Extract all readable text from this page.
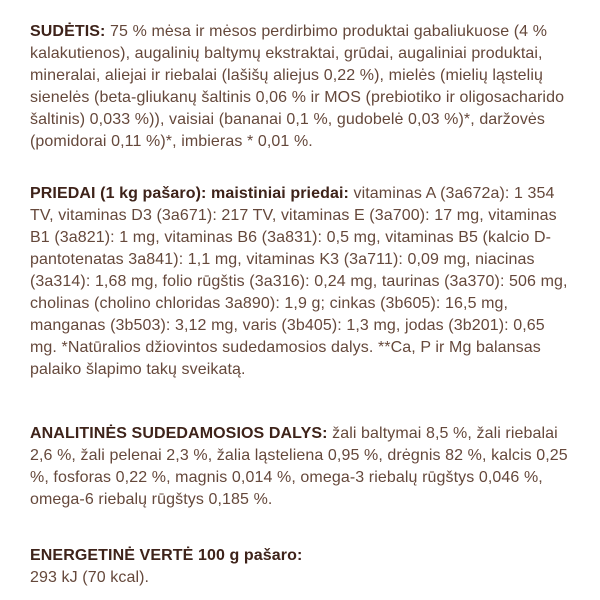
SUDĖTIS: 75 % mėsa ir mėsos perdirbimo produktai gabaliukuose (4 % kalakutienos), augalinių baltymų ekstraktai, grūdai, augaliniai produktai, mineralai, aliejai ir riebalai (lašišų aliejus 0,22 %), mielės (mielių ląstelių sienelės (beta-gliukanų šaltinis 0,06 % ir MOS (prebiotiko ir oligosacharido šaltinis) 0,033 %)), vaisiai (bananai 0,1 %, gudobelė 0,03 %)*, daržovės (pomidorai 0,11 %)*, imbieras * 0,01 %.

PRIEDAI (1 kg pašaro): maistiniai priedai: vitaminas A (3a672a): 1 354 TV, vitaminas D3 (3a671): 217 TV, vitaminas E (3a700): 17 mg, vitaminas B1 (3a821): 1 mg, vitaminas B6 (3a831): 0,5 mg, vitaminas B5 (kalcio D-pantotenatas 3a841): 1,1 mg, vitaminas K3 (3a711): 0,09 mg, niacinas (3a314): 1,68 mg, folio rūgštis (3a316): 0,24 mg, taurinas (3a370): 506 mg, cholinas (cholino chloridas 3a890): 1,9 g; cinkas (3b605): 16,5 mg, manganas (3b503): 3,12 mg, varis (3b405): 1,3 mg, jodas (3b201): 0,65 mg. *Natūralios džiovintos sudedamosios dalys. **Ca, P ir Mg balansas palaiko šlapimo takų sveikatą.

ANALITINĖS SUDEDAMOSIOS DALYS: žali baltymai 8,5 %, žali riebalai 2,6 %, žali pelenai 2,3 %, žalia ląsteliena 0,95 %, drėgnis 82 %, kalcis 0,25 %, fosforas 0,22 %, magnis 0,014 %, omega-3 riebalų rūgštys 0,046 %, omega-6 riebalų rūgštys 0,185 %.

ENERGETINĖ VERTĖ 100 g pašaro:
293 kJ (70 kcal).
